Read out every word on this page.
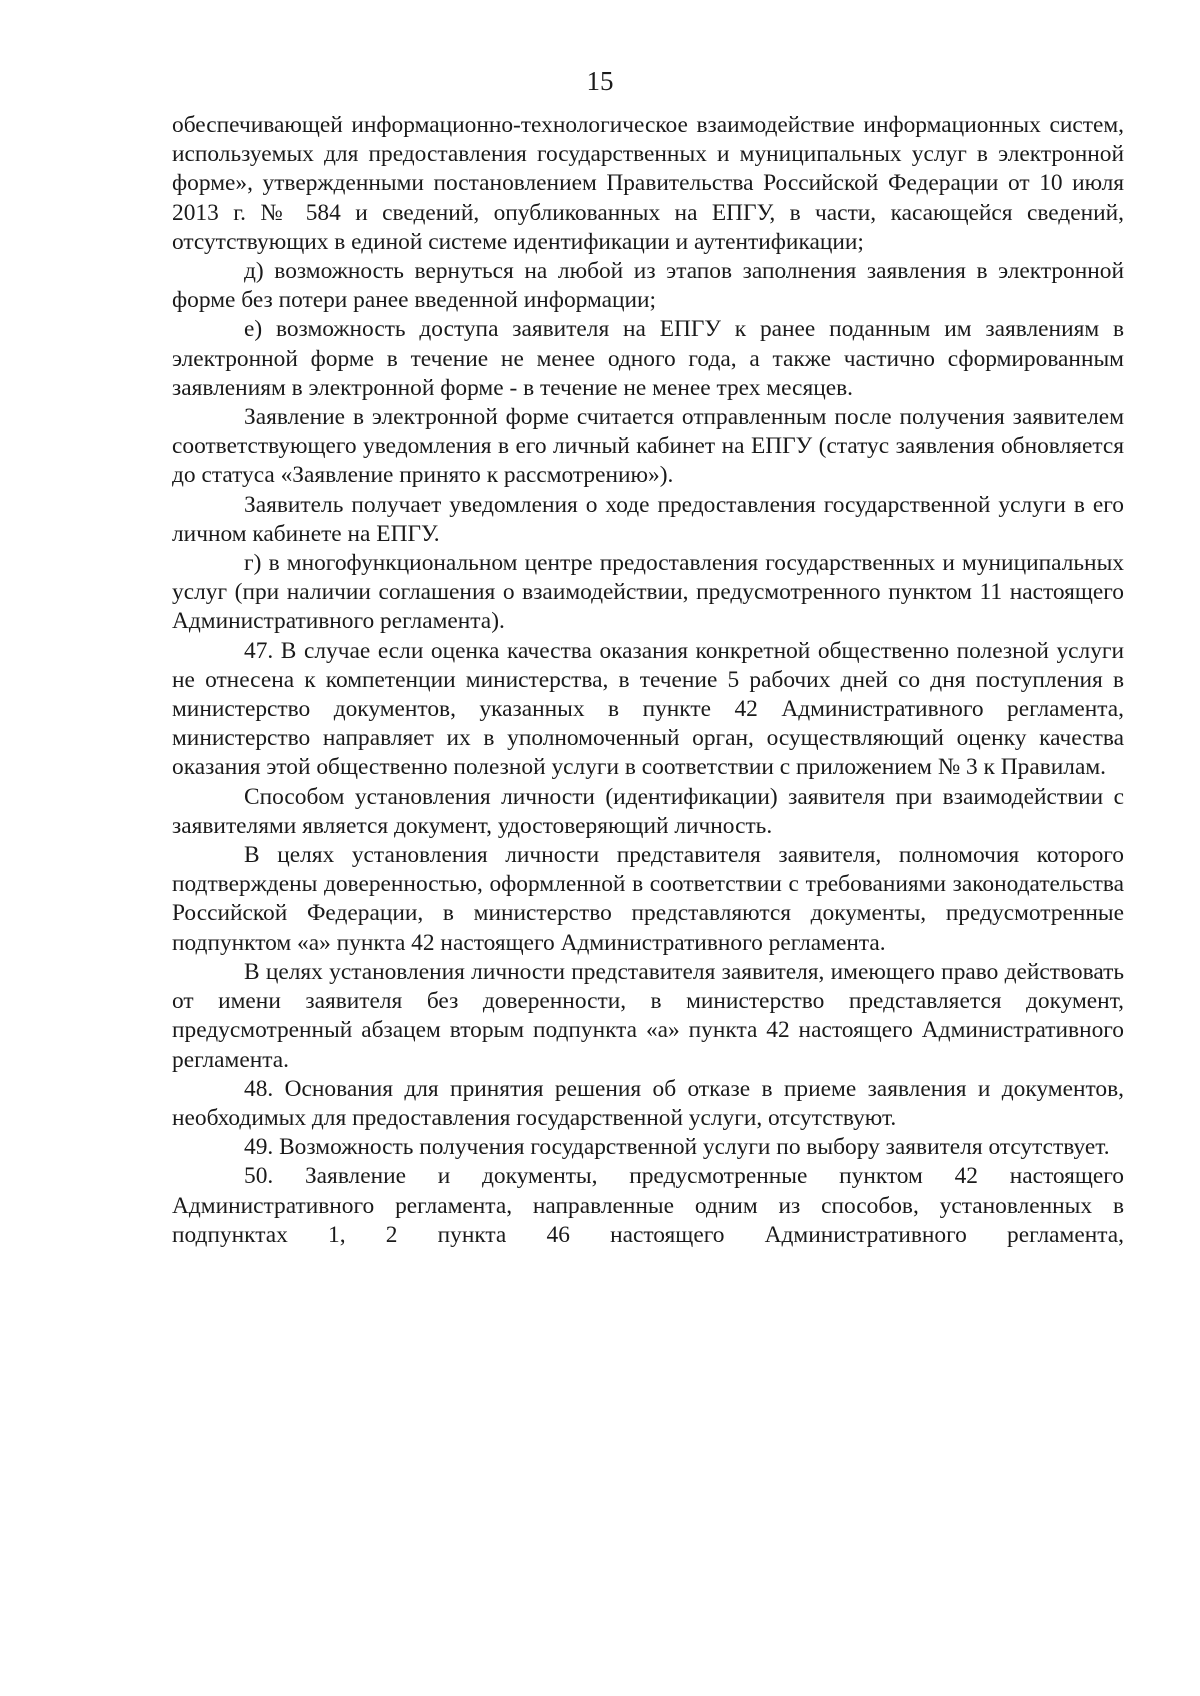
15

обеспечивающей информационно-технологическое взаимодействие информационных систем, используемых для предоставления государственных и муниципальных услуг в электронной форме», утвержденными постановлением Правительства Российской Федерации от 10 июля 2013 г. № 584 и сведений, опубликованных на ЕПГУ, в части, касающейся сведений, отсутствующих в единой системе идентификации и аутентификации;

д) возможность вернуться на любой из этапов заполнения заявления в электронной форме без потери ранее введенной информации;

е) возможность доступа заявителя на ЕПГУ к ранее поданным им заявлениям в электронной форме в течение не менее одного года, а также частично сформированным заявлениям в электронной форме - в течение не менее трех месяцев.

Заявление в электронной форме считается отправленным после получения заявителем соответствующего уведомления в его личный кабинет на ЕПГУ (статус заявления обновляется до статуса «Заявление принято к рассмотрению»).

Заявитель получает уведомления о ходе предоставления государственной услуги в его личном кабинете на ЕПГУ.

г) в многофункциональном центре предоставления государственных и муниципальных услуг (при наличии соглашения о взаимодействии, предусмотренного пунктом 11 настоящего Административного регламента).

47. В случае если оценка качества оказания конкретной общественно полезной услуги не отнесена к компетенции министерства, в течение 5 рабочих дней со дня поступления в министерство документов, указанных в пункте 42 Административного регламента, министерство направляет их в уполномоченный орган, осуществляющий оценку качества оказания этой общественно полезной услуги в соответствии с приложением № 3 к Правилам.

Способом установления личности (идентификации) заявителя при взаимодействии с заявителями является документ, удостоверяющий личность.

В целях установления личности представителя заявителя, полномочия которого подтверждены доверенностью, оформленной в соответствии с требованиями законодательства Российской Федерации, в министерство представляются документы, предусмотренные подпунктом «а» пункта 42 настоящего Административного регламента.

В целях установления личности представителя заявителя, имеющего право действовать от имени заявителя без доверенности, в министерство представляется документ, предусмотренный абзацем вторым подпункта «а» пункта 42 настоящего Административного регламента.

48. Основания для принятия решения об отказе в приеме заявления и документов, необходимых для предоставления государственной услуги, отсутствуют.

49. Возможность получения государственной услуги по выбору заявителя отсутствует.

50. Заявление и документы, предусмотренные пунктом 42 настоящего Административного регламента, направленные одним из способов, установленных в подпунктах 1, 2 пункта 46 настоящего Административного регламента,
